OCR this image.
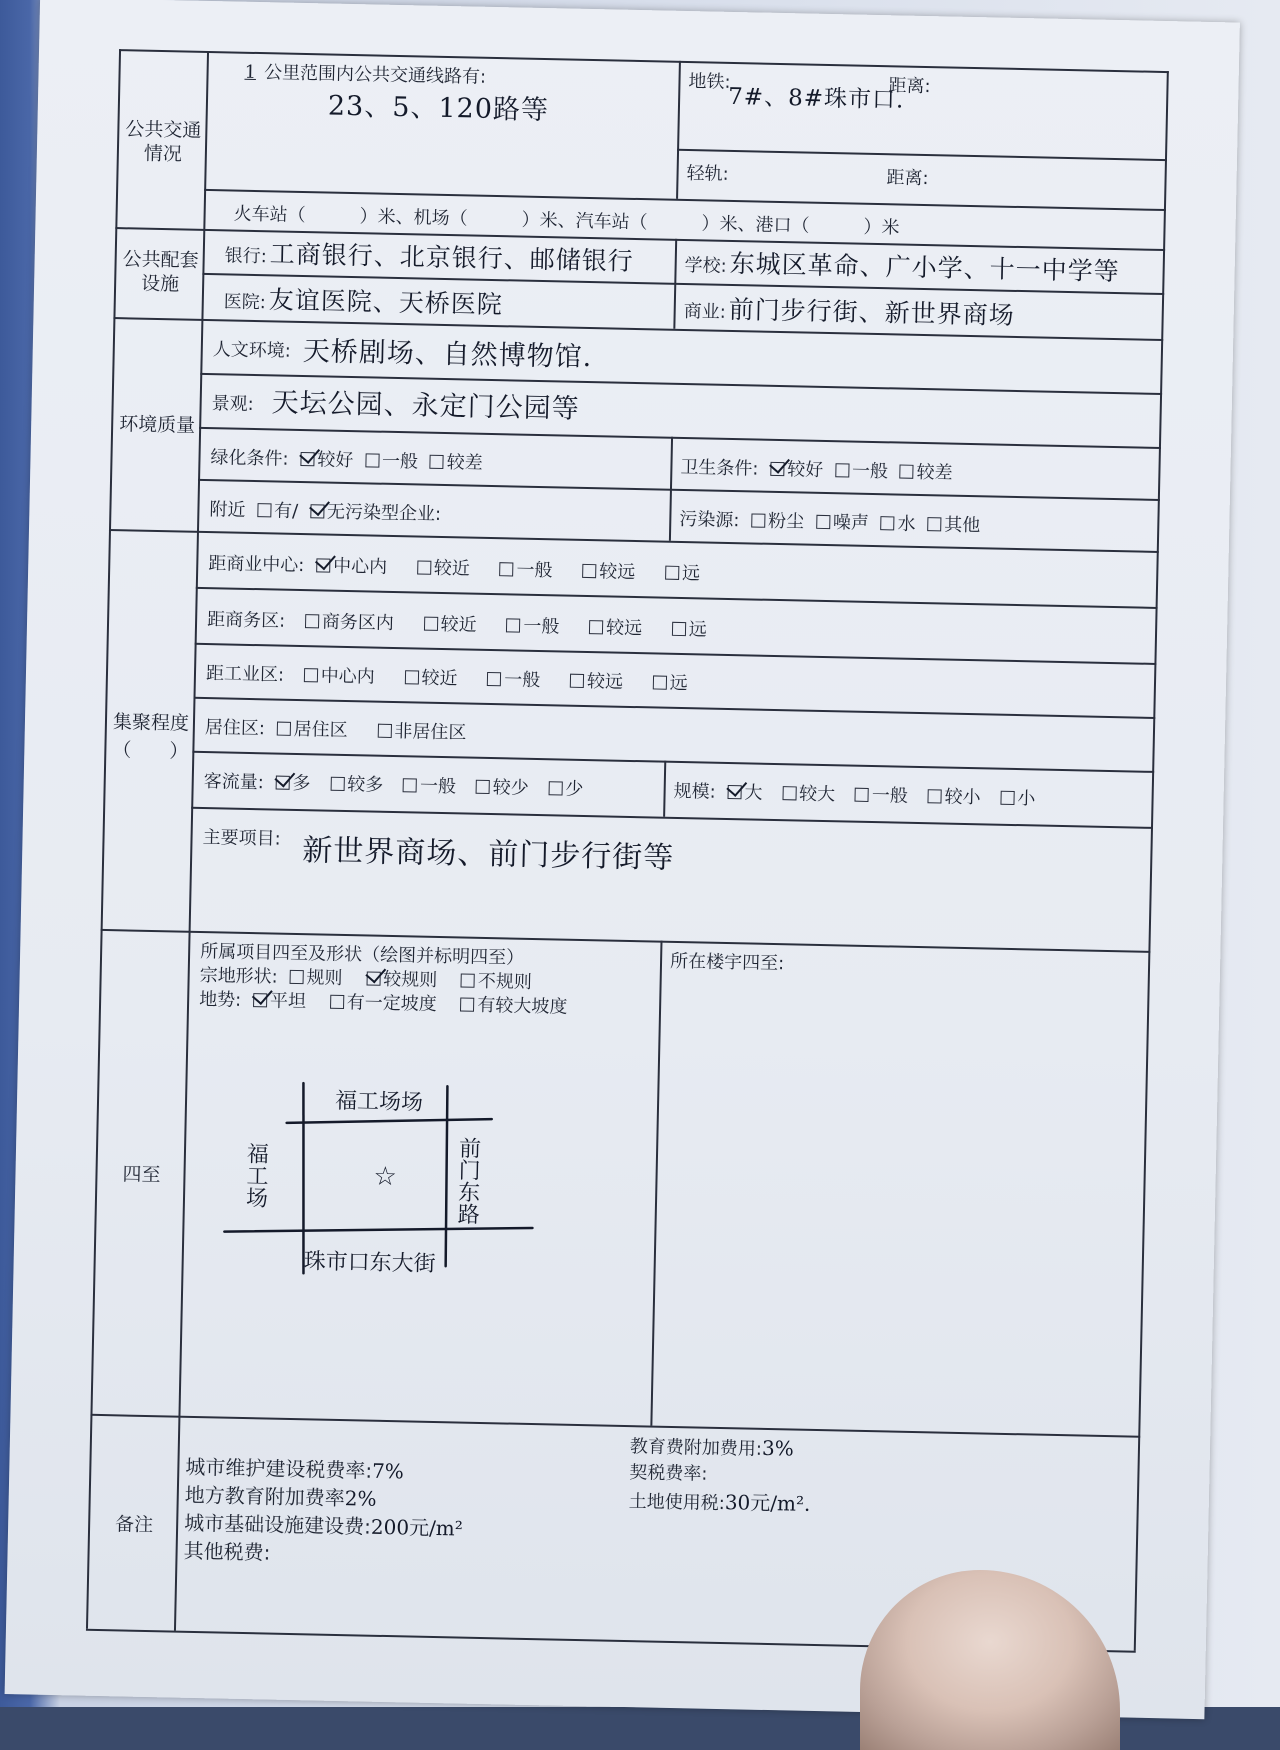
公共交通
情况
1 公里范围内公共交通线路有:
23、5、120路等
地铁:
7#、8#珠市口.
距离:
轻轨:	距离:
火车站（　　　）米、机场（　　　）米、汽车站（　　　）米、港口（　　　）米
公共配套
设施
银行: 工商银行、北京银行、邮储银行	学校: 东城区革命、广小学、十一中学等
医院: 友谊医院、天桥医院	商业: 前门步行街、新世界商场
环境质量
人文环境: 天桥剧场、自然博物馆.
景观: 天坛公园、永定门公园等
绿化条件: 较好 一般 较差	卫生条件: 较好 一般 较差
附近 有/ 无污染型企业:	污染源: 粉尘 噪声 水 其他
集聚程度
（　　）
距商业中心: 中心内	较近	一般	较远	远
距商务区: 商务区内	较近	一般	较远	远
距工业区: 中心内	较近	一般	较远	远
居住区: 居住区	非居住区
客流量: 多 较多 一般 较少 少	规模: 大 较大 一般 较小 小
主要项目: 新世界商场、前门步行街等
四至
所属项目四至及形状（绘图并标明四至）
宗地形状: 规则 较规则 不规则
地势: 平坦 有一定坡度 有较大坡度
所在楼宇四至:
☆
福工场场
珠市口东大街
福工场	前门东路
备注
城市维护建设税费率:7%
地方教育附加费率2%
城市基础设施建设费:200元/m²
其他税费:
教育费附加费用:3%
契税费率:
土地使用税:30元/m².
